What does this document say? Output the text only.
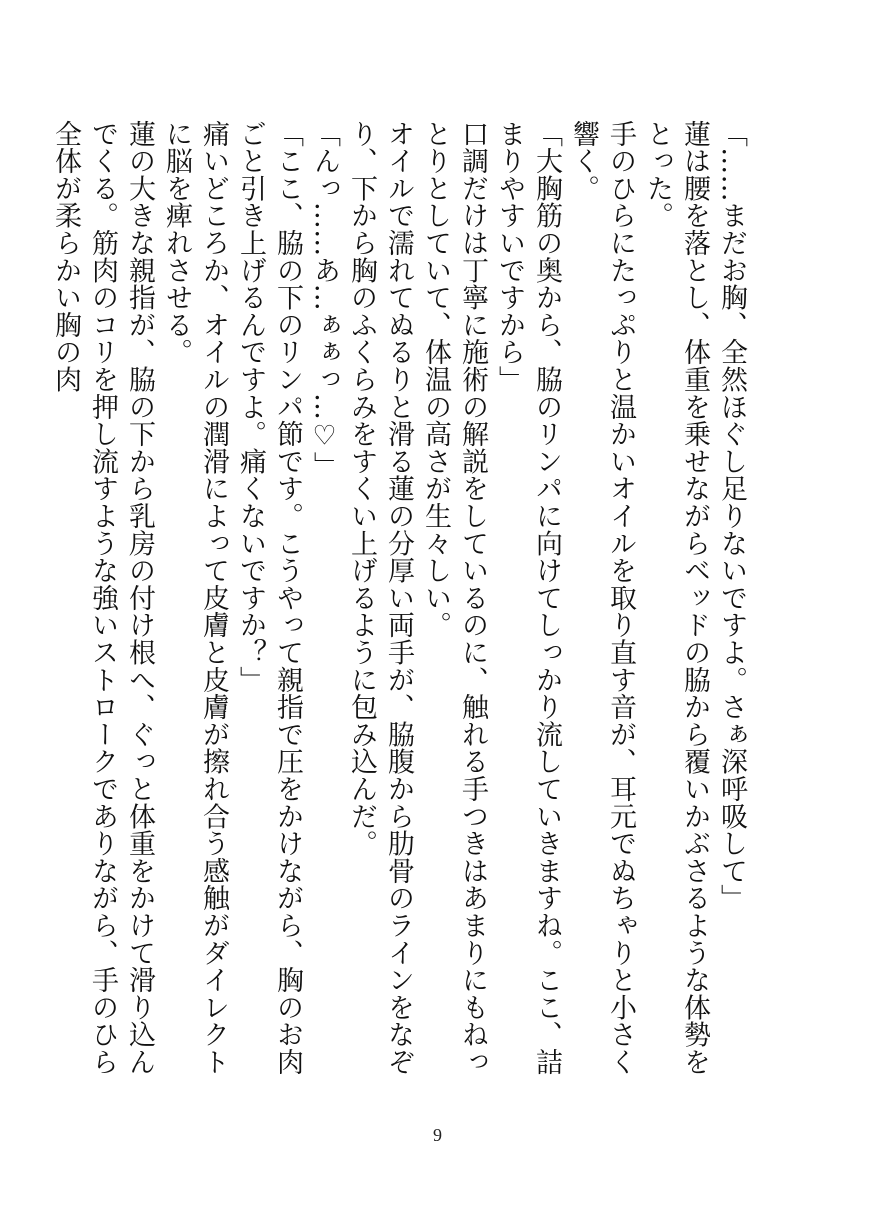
「……まだお胸、全然ほぐし足りないですよ。さぁ深呼吸して」

蓮は腰を落とし、体重を乗せながらベッドの脇から覆いかぶさるような体勢をとった。

手のひらにたっぷりと温かいオイルを取り直す音が、耳元でぬちゃりと小さく響く。

「大胸筋の奥から、脇のリンパに向けてしっかり流していきますね。ここ、詰まりやすいですから」

口調だけは丁寧に施術の解説をしているのに、触れる手つきはあまりにもねっとりとしていて、体温の高さが生々しい。

オイルで濡れてぬるりと滑る蓮の分厚い両手が、脇腹から肋骨のラインをなぞり、下から胸のふくらみをすくい上げるように包み込んだ。

「んっ……あ…ぁぁっ…♡」

「ここ、脇の下のリンパ節です。こうやって親指で圧をかけながら、胸のお肉ごと引き上げるんですよ。痛くないですか？」

痛いどころか、オイルの潤滑によって皮膚と皮膚が擦れ合う感触がダイレクトに脳を痺れさせる。

蓮の大きな親指が、脇の下から乳房の付け根へ、ぐっと体重をかけて滑り込んでくる。筋肉のコリを押し流すような強いストロークでありながら、手のひら全体が柔らかい胸の肉

9
